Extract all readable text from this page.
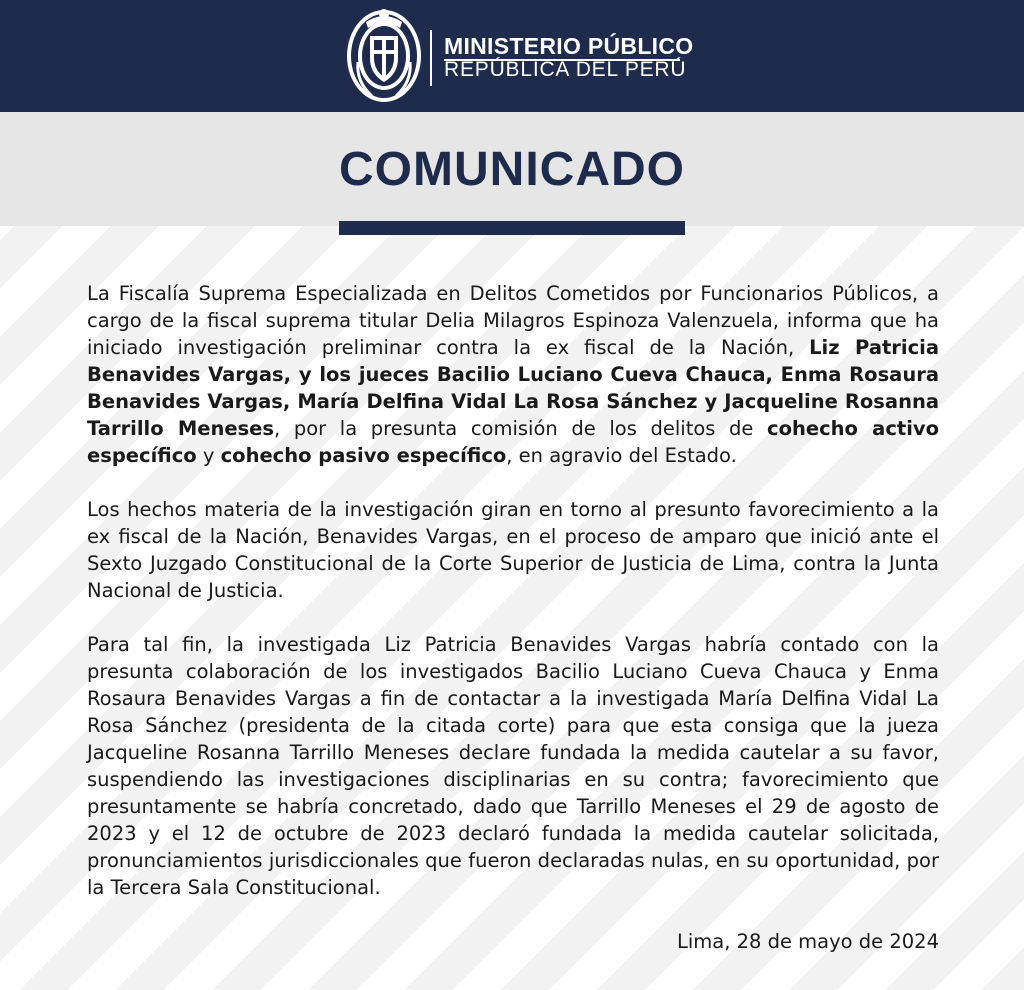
MINISTERIO PÚBLICO
REPÚBLICA DEL PERÚ
COMUNICADO

La Fiscalía Suprema Especializada en Delitos Cometidos por Funcionarios Públicos, a cargo de la fiscal suprema titular Delia Milagros Espinoza Valenzuela, informa que ha iniciado investigación preliminar contra la ex fiscal de la Nación, Liz Patricia Benavides Vargas, y los jueces Bacilio Luciano Cueva Chauca, Enma Rosaura Benavides Vargas, María Delfina Vidal La Rosa Sánchez y Jacqueline Rosanna Tarrillo Meneses, por la presunta comisión de los delitos de cohecho activo específico y cohecho pasivo específico, en agravio del Estado.

Los hechos materia de la investigación giran en torno al presunto favorecimiento a la ex fiscal de la Nación, Benavides Vargas, en el proceso de amparo que inició ante el Sexto Juzgado Constitucional de la Corte Superior de Justicia de Lima, contra la Junta Nacional de Justicia.

Para tal fin, la investigada Liz Patricia Benavides Vargas habría contado con la presunta colaboración de los investigados Bacilio Luciano Cueva Chauca y Enma Rosaura Benavides Vargas a fin de contactar a la investigada María Delfina Vidal La Rosa Sánchez (presidenta de la citada corte) para que esta consiga que la jueza Jacqueline Rosanna Tarrillo Meneses declare fundada la medida cautelar a su favor, suspendiendo las investigaciones disciplinarias en su contra; favorecimiento que presuntamente se habría concretado, dado que Tarrillo Meneses el 29 de agosto de 2023 y el 12 de octubre de 2023 declaró fundada la medida cautelar solicitada, pronunciamientos jurisdiccionales que fueron declaradas nulas, en su oportunidad, por la Tercera Sala Constitucional.

Lima, 28 de mayo de 2024
